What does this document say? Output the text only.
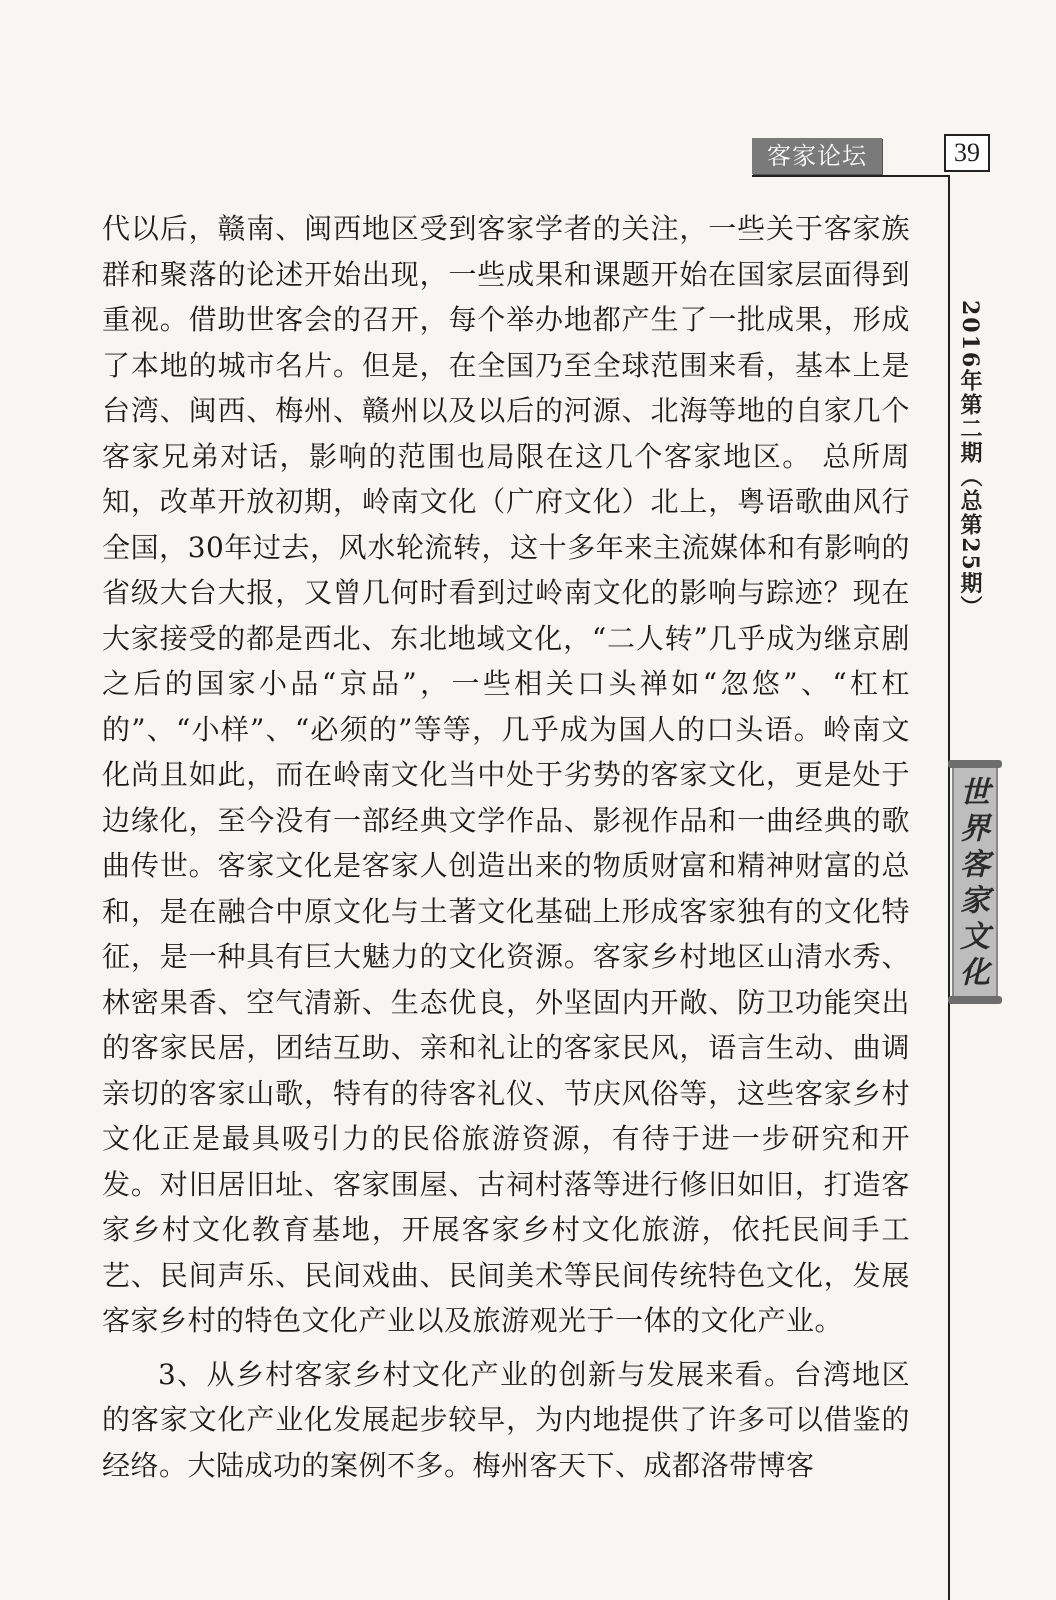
客家论坛	39
2016年第二期（总第25期）
世界客家文化

代以后，赣南、闽西地区受到客家学者的关注，一些关于客家族群和聚落的论述开始出现，一些成果和课题开始在国家层面得到重视。借助世客会的召开，每个举办地都产生了一批成果，形成了本地的城市名片。但是，在全国乃至全球范围来看，基本上是台湾、闽西、梅州、赣州以及以后的河源、北海等地的自家几个客家兄弟对话，影响的范围也局限在这几个客家地区。 总所周知，改革开放初期，岭南文化（广府文化）北上，粤语歌曲风行全国，30年过去，风水轮流转，这十多年来主流媒体和有影响的省级大台大报，又曾几何时看到过岭南文化的影响与踪迹？现在大家接受的都是西北、东北地域文化，“二人转”几乎成为继京剧之后的国家小品“京品”，一些相关口头禅如“忽悠”、“杠杠的”、“小样”、“必须的”等等，几乎成为国人的口头语。岭南文化尚且如此，而在岭南文化当中处于劣势的客家文化，更是处于边缘化，至今没有一部经典文学作品、影视作品和一曲经典的歌曲传世。客家文化是客家人创造出来的物质财富和精神财富的总和，是在融合中原文化与土著文化基础上形成客家独有的文化特征，是一种具有巨大魅力的文化资源。客家乡村地区山清水秀、林密果香、空气清新、生态优良，外坚固内开敞、防卫功能突出的客家民居，团结互助、亲和礼让的客家民风，语言生动、曲调亲切的客家山歌，特有的待客礼仪、节庆风俗等，这些客家乡村文化正是最具吸引力的民俗旅游资源，有待于进一步研究和开发。对旧居旧址、客家围屋、古祠村落等进行修旧如旧，打造客家乡村文化教育基地，开展客家乡村文化旅游，依托民间手工艺、民间声乐、民间戏曲、民间美术等民间传统特色文化，发展客家乡村的特色文化产业以及旅游观光于一体的文化产业。

3、从乡村客家乡村文化产业的创新与发展来看。台湾地区的客家文化产业化发展起步较早，为内地提供了许多可以借鉴的经络。大陆成功的案例不多。梅州客天下、成都洛带博客
